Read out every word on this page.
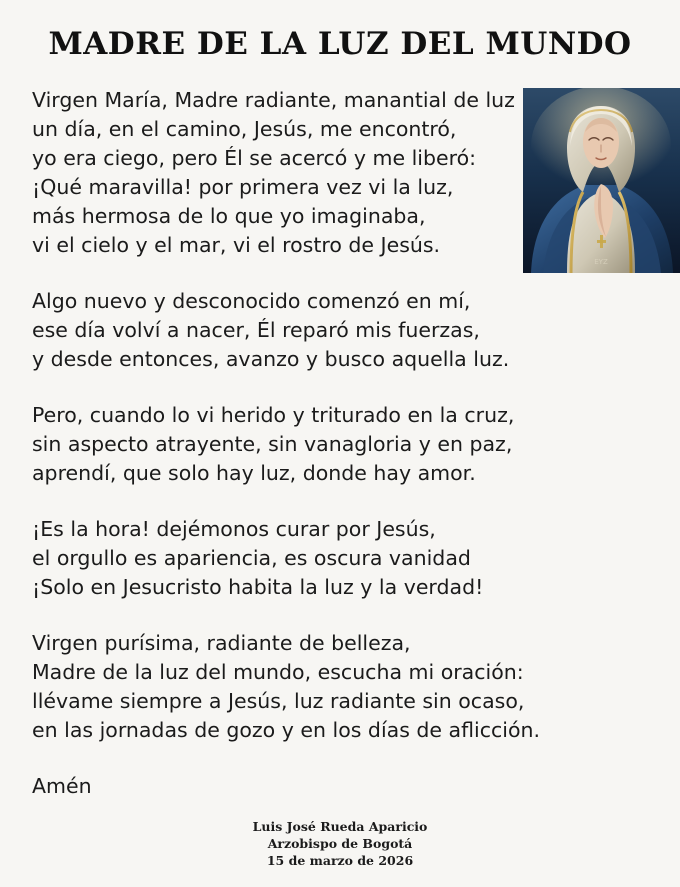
MADRE DE LA LUZ DEL MUNDO
EYZ
Virgen María, Madre radiante, manantial de luz
un día, en el camino, Jesús, me encontró,
yo era ciego, pero Él se acercó y me liberó:
¡Qué maravilla! por primera vez vi la luz,
más hermosa de lo que yo imaginaba,
vi el cielo y el mar, vi el rostro de Jesús.
Algo nuevo y desconocido comenzó en mí,
ese día volví a nacer, Él reparó mis fuerzas,
y desde entonces, avanzo y busco aquella luz.
Pero, cuando lo vi herido y triturado en la cruz,
sin aspecto atrayente, sin vanagloria y en paz,
aprendí, que solo hay luz, donde hay amor.
¡Es la hora! dejémonos curar por Jesús,
el orgullo es apariencia, es oscura vanidad
¡Solo en Jesucristo habita la luz y la verdad!
Virgen purísima, radiante de belleza,
Madre de la luz del mundo, escucha mi oración:
llévame siempre a Jesús, luz radiante sin ocaso,
en las jornadas de gozo y en los días de aflicción.
Amén
Luis José Rueda Aparicio
Arzobispo de Bogotá
15 de marzo de 2026
